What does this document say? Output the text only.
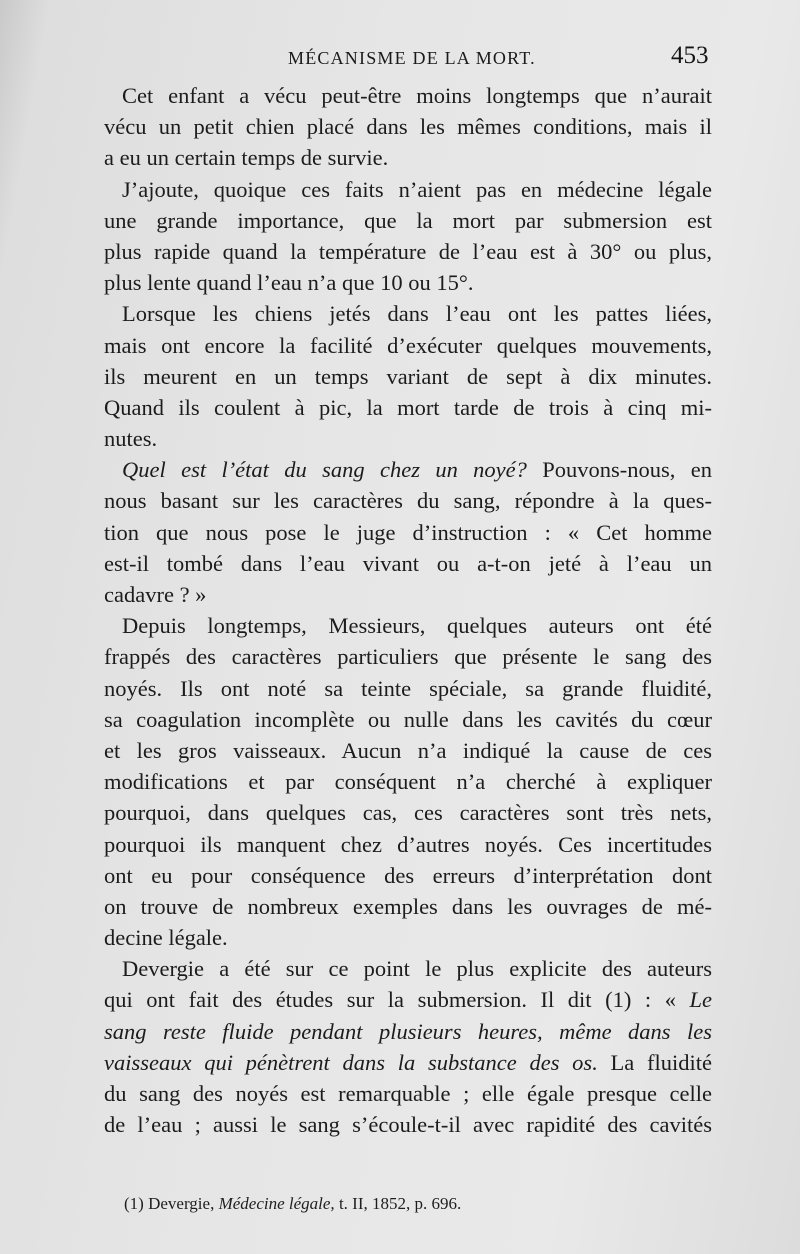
MÉCANISME DE LA MORT.	453
Cet enfant a vécu peut-être moins longtemps que n’aurait
vécu un petit chien placé dans les mêmes conditions, mais il
a eu un certain temps de survie.
J’ajoute, quoique ces faits n’aient pas en médecine légale
une grande importance, que la mort par submersion est
plus rapide quand la température de l’eau est à 30° ou plus,
plus lente quand l’eau n’a que 10 ou 15°.
Lorsque les chiens jetés dans l’eau ont les pattes liées,
mais ont encore la facilité d’exécuter quelques mouvements,
ils meurent en un temps variant de sept à dix minutes.
Quand ils coulent à pic, la mort tarde de trois à cinq mi-
nutes.
Quel est l’état du sang chez un noyé? Pouvons-nous, en
nous basant sur les caractères du sang, répondre à la ques-
tion que nous pose le juge d’instruction : « Cet homme
est-il tombé dans l’eau vivant ou a-t-on jeté à l’eau un
cadavre ? »
Depuis longtemps, Messieurs, quelques auteurs ont été
frappés des caractères particuliers que présente le sang des
noyés. Ils ont noté sa teinte spéciale, sa grande fluidité,
sa coagulation incomplète ou nulle dans les cavités du cœur
et les gros vaisseaux. Aucun n’a indiqué la cause de ces
modifications et par conséquent n’a cherché à expliquer
pourquoi, dans quelques cas, ces caractères sont très nets,
pourquoi ils manquent chez d’autres noyés. Ces incertitudes
ont eu pour conséquence des erreurs d’interprétation dont
on trouve de nombreux exemples dans les ouvrages de mé-
decine légale.
Devergie a été sur ce point le plus explicite des auteurs
qui ont fait des études sur la submersion. Il dit (1) : « Le
sang reste fluide pendant plusieurs heures, même dans les
vaisseaux qui pénètrent dans la substance des os. La fluidité
du sang des noyés est remarquable ; elle égale presque celle
de l’eau ; aussi le sang s’écoule-t-il avec rapidité des cavités
(1) Devergie, Médecine légale, t. II, 1852, p. 696.
